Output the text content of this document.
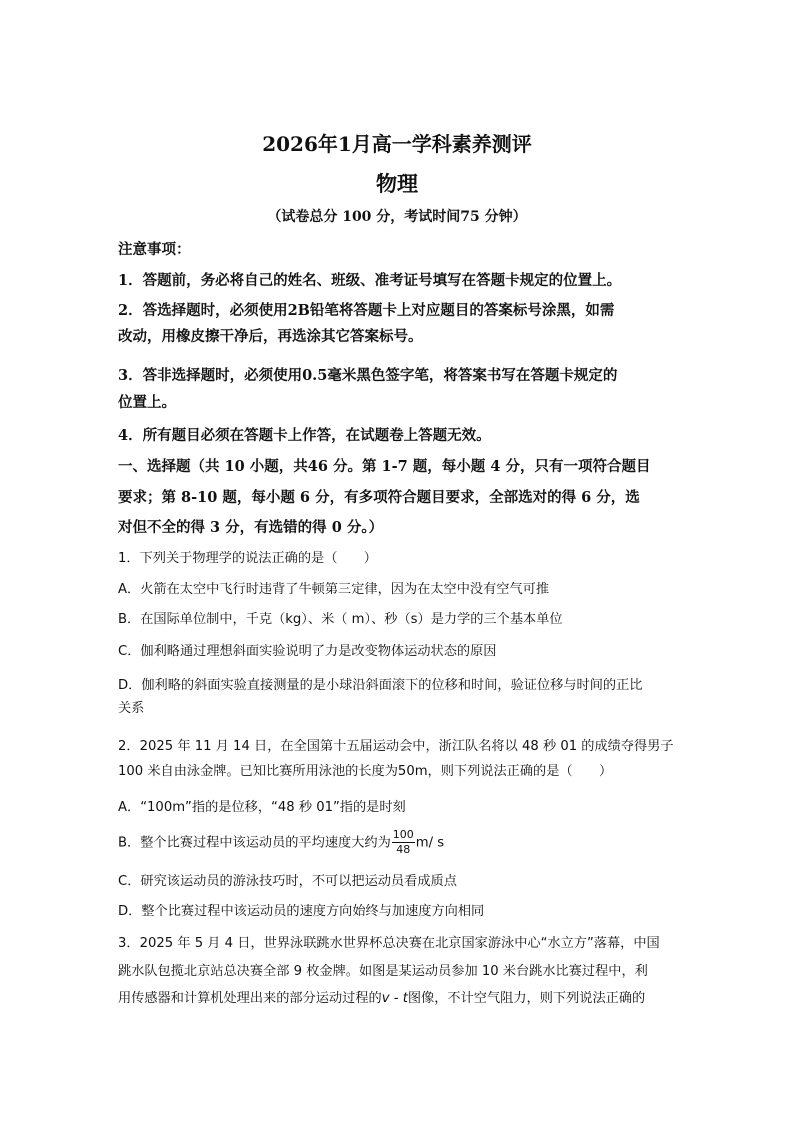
2026年1月高一学科素养测评
物理
（试卷总分 100 分，考试时间75 分钟）
注意事项：
1．答题前，务必将自己的姓名、班级、准考证号填写在答题卡规定的位置上。
2．答选择题时，必须使用2B铅笔将答题卡上对应题目的答案标号涂黑，如需
改动，用橡皮擦干净后，再选涂其它答案标号。
3．答非选择题时，必须使用0.5毫米黑色签字笔，将答案书写在答题卡规定的
位置上。
4．所有题目必须在答题卡上作答，在试题卷上答题无效。
一、选择题（共 10 小题，共46 分。第 1-7 题，每小题 4 分，只有一项符合题目
要求；第 8-10 题，每小题 6 分，有多项符合题目要求，全部选对的得 6 分，选
对但不全的得 3 分，有选错的得 0 分。）
1．下列关于物理学的说法正确的是（　　）
A．火箭在太空中飞行时违背了牛顿第三定律，因为在太空中没有空气可推
B．在国际单位制中，千克（kg）、米（ m）、秒（s）是力学的三个基本单位
C．伽利略通过理想斜面实验说明了力是改变物体运动状态的原因
D．伽利略的斜面实验直接测量的是小球沿斜面滚下的位移和时间，验证位移与时间的正比
关系
2．2025 年 11 月 14 日，在全国第十五届运动会中，浙江队名将以 48 秒 01 的成绩夺得男子
100 米自由泳金牌。已知比赛所用泳池的长度为50m，则下列说法正确的是（　　）
A．“100m”指的是位移，“48 秒 01”指的是时刻
B．整个比赛过程中该运动员的平均速度大约为 $\frac{100}{48} m/$ s
C．研究该运动员的游泳技巧时，不可以把运动员看成质点
D．整个比赛过程中该运动员的速度方向始终与加速度方向相同
3．2025 年 5 月 4 日，世界泳联跳水世界杯总决赛在北京国家游泳中心“水立方”落幕，中国
跳水队包揽北京站总决赛全部 9 枚金牌。如图是某运动员参加 10 米台跳水比赛过程中，利
用传感器和计算机处理出来的部分运动过程的v - t图像，不计空气阻力，则下列说法正确的
